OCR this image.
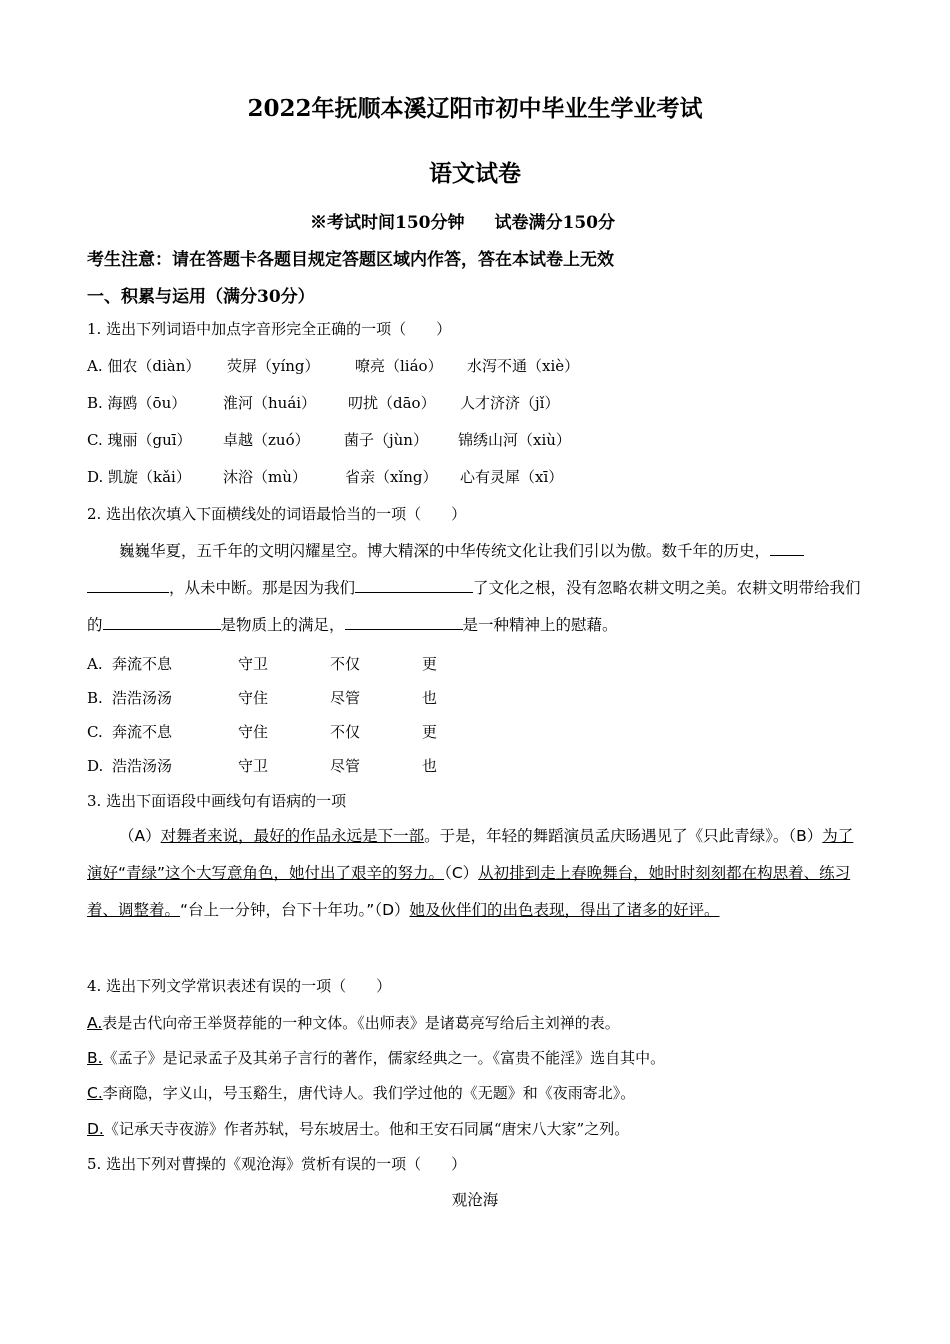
2022年抚顺本溪辽阳市初中毕业生学业考试
语文试卷
※考试时间150分钟 试卷满分150分
考生注意：请在答题卡各题目规定答题区域内作答，答在本试卷上无效
一、积累与运用（满分30分）
1. 选出下列词语中加点字音形完全正确的一项（　　）
A. 佃农（diàn） 荧屏（yíng） 嘹亮（liáo） 水泻不通（xiè）
B. 海鸥（ōu） 淮河（huái） 叨扰（dāo） 人才济济（jǐ）
C. 瑰丽（guī） 卓越（zuó） 菌子（jùn） 锦绣山河（xiù）
D. 凯旋（kǎi） 沐浴（mù）	省亲（xǐng） 心有灵犀（xī）
2. 选出依次填入下面横线处的词语最恰当的一项（　　）
巍巍华夏，五千年的文明闪耀星空。博大精深的中华传统文化让我们引以为傲。数千年的历史，
，从未中断。那是因为我们	了文化之根，没有忽略农耕文明之美。农耕文明带给我们的	是物质上的满足，	是一种精神上的慰藉。
A. 奔流不息	守卫	不仅	更
B. 浩浩汤汤	守住	尽管	也
C. 奔流不息	守住	不仅	更
D. 浩浩汤汤	守卫	尽管	也
3. 选出下面语段中画线句有语病的一项
（A）对舞者来说，最好的作品永远是下一部。于是，年轻的舞蹈演员孟庆旸遇见了《只此青绿》。（B）为了演好“青绿”这个大写意角色，她付出了艰辛的努力。（C）从初排到走上春晚舞台，她时时刻刻都在构思着、练习着、调整着。“台上一分钟，台下十年功。”（D）她及伙伴们的出色表现，得出了诸多的好评。
4. 选出下列文学常识表述有误的一项（　　）
A.表是古代向帝王举贤荐能的一种文体。《出师表》是诸葛亮写给后主刘禅的表。
B.《孟子》是记录孟子及其弟子言行的著作，儒家经典之一。《富贵不能淫》选自其中。
C.李商隐，字义山，号玉谿生，唐代诗人。我们学过他的《无题》和《夜雨寄北》。
D.《记承天寺夜游》作者苏轼，号东坡居士。他和王安石同属“唐宋八大家”之列。
5. 选出下列对曹操的《观沧海》赏析有误的一项（　　）
观沧海
